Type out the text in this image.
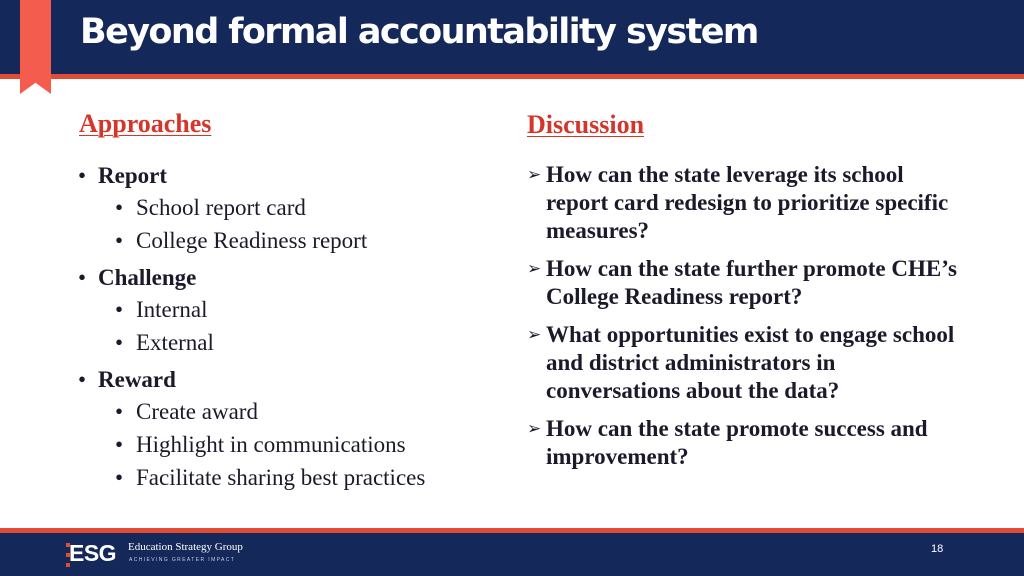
Beyond formal accountability system
Approaches	Discussion
• Report
• School report card
• College Readiness report
• Challenge
• Internal
• External
• Reward
• Create award
• Highlight in communications
• Facilitate sharing best practices
➢ How can the state leverage its school report card redesign to prioritize specific measures?
➢ How can the state further promote CHE’s College Readiness report?
➢ What opportunities exist to engage school and district administrators in conversations about the data?
➢ How can the state promote success and improvement?

ESG Education Strategy Group

ACHIEVING GREATER IMPACT

18
